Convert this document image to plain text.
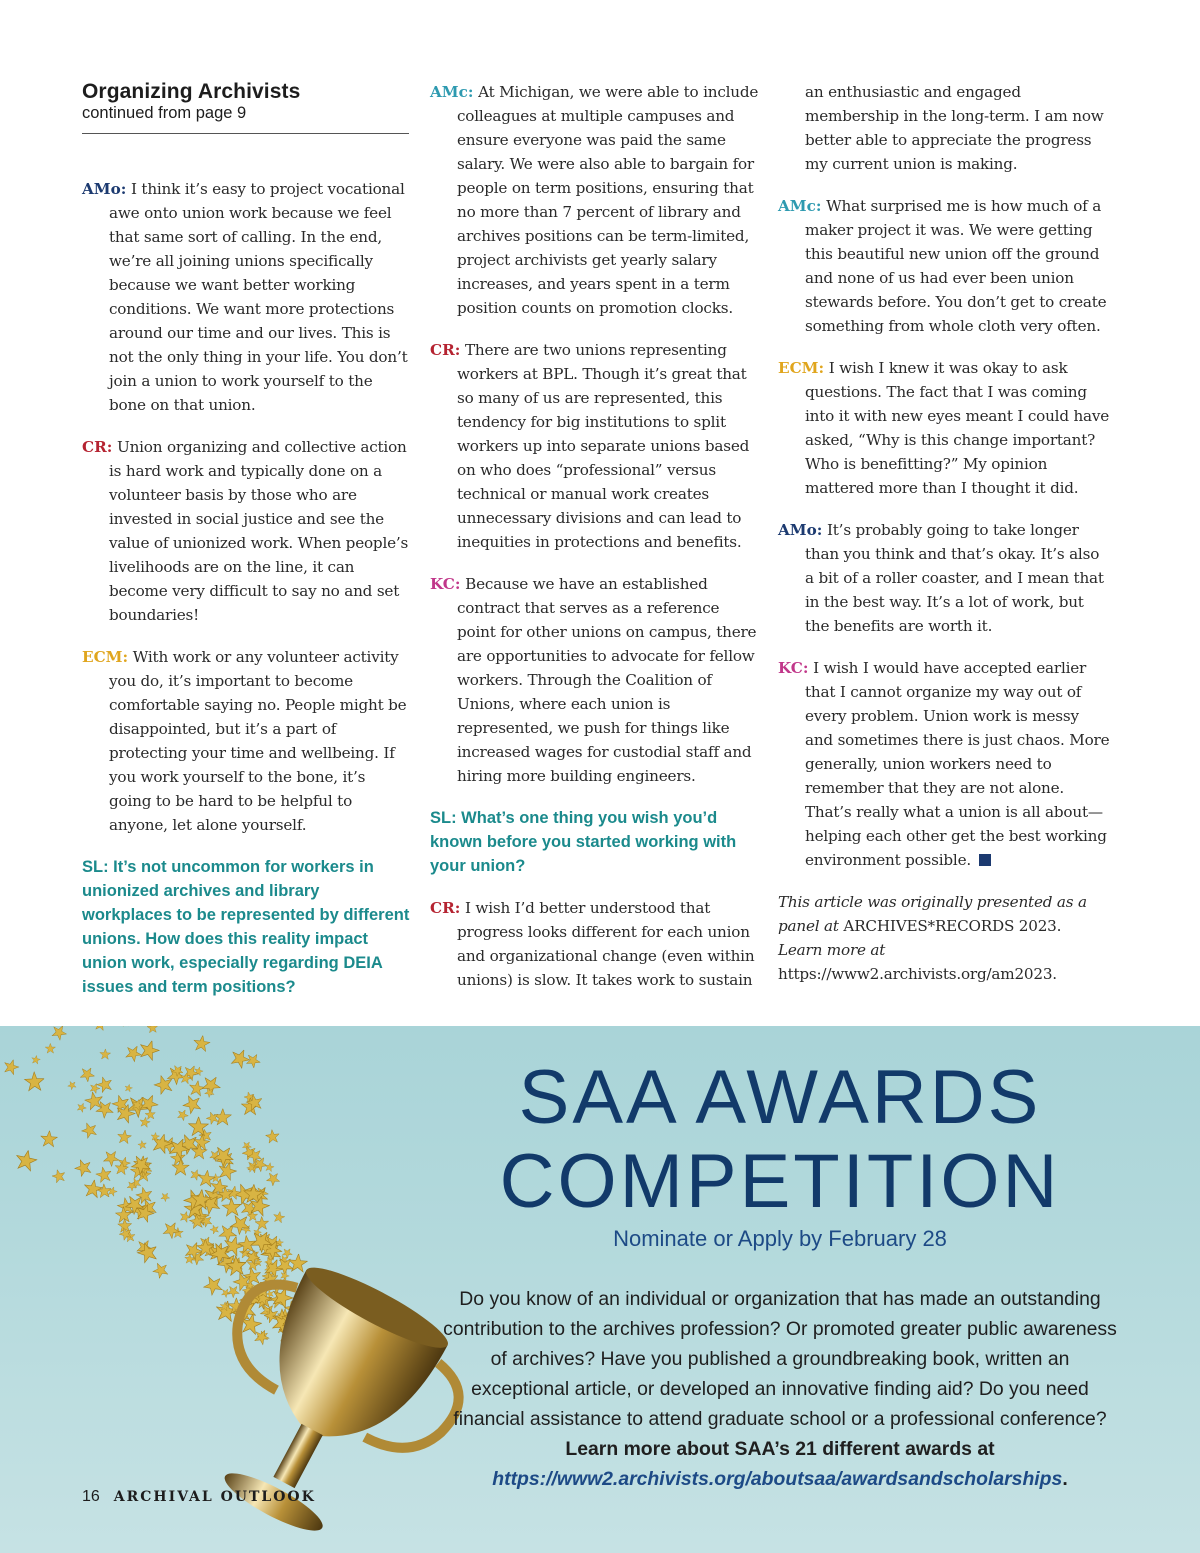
Organizing Archivists
continued from page 9

AMo: I think it’s easy to project vocational awe onto union work because we feel that same sort of calling. In the end, we’re all joining unions specifically because we want better working conditions. We want more protections around our time and our lives. This is not the only thing in your life. You don’t join a union to work yourself to the bone on that union.

CR: Union organizing and collective action is hard work and typically done on a volunteer basis by those who are invested in social justice and see the value of unionized work. When people’s livelihoods are on the line, it can become very difficult to say no and set boundaries!

ECM: With work or any volunteer activity you do, it’s important to become comfortable saying no. People might be disappointed, but it’s a part of protecting your time and wellbeing. If you work yourself to the bone, it’s going to be hard to be helpful to anyone, let alone yourself.

SL: It’s not uncommon for workers in unionized archives and library workplaces to be represented by different unions. How does this reality impact union work, especially regarding DEIA issues and term positions?

AMc: At Michigan, we were able to include colleagues at multiple campuses and ensure everyone was paid the same salary. We were also able to bargain for people on term positions, ensuring that no more than 7 percent of library and archives positions can be term-limited, project archivists get yearly salary increases, and years spent in a term position counts on promotion clocks.

CR: There are two unions representing workers at BPL. Though it’s great that so many of us are represented, this tendency for big institutions to split workers up into separate unions based on who does “professional” versus technical or manual work creates unnecessary divisions and can lead to inequities in protections and benefits.

KC: Because we have an established contract that serves as a reference point for other unions on campus, there are opportunities to advocate for fellow workers. Through the Coalition of Unions, where each union is represented, we push for things like increased wages for custodial staff and hiring more building engineers.

SL: What’s one thing you wish you’d known before you started working with your union?

CR: I wish I’d better understood that progress looks different for each union and organizational change (even within unions) is slow. It takes work to sustain

an enthusiastic and engaged membership in the long-term. I am now better able to appreciate the progress my current union is making.

AMc: What surprised me is how much of a maker project it was. We were getting this beautiful new union off the ground and none of us had ever been union stewards before. You don’t get to create something from whole cloth very often.

ECM: I wish I knew it was okay to ask questions. The fact that I was coming into it with new eyes meant I could have asked, “Why is this change important? Who is benefitting?” My opinion mattered more than I thought it did.

AMo: It’s probably going to take longer than you think and that’s okay. It’s also a bit of a roller coaster, and I mean that in the best way. It’s a lot of work, but the benefits are worth it.

KC: I wish I would have accepted earlier that I cannot organize my way out of every problem. Union work is messy and sometimes there is just chaos. More generally, union workers need to remember that they are not alone. That’s really what a union is all about—helping each other get the best working environment possible.

This article was originally presented as a panel at ARCHIVES*RECORDS 2023. Learn more at https://www2.archivists.org/am2023.

SAA AWARDS
COMPETITION
Nominate or Apply by February 28
Do you know of an individual or organization that has made an outstanding contribution to the archives profession? Or promoted greater public awareness of archives? Have you published a groundbreaking book, written an exceptional article, or developed an innovative finding aid? Do you need financial assistance to attend graduate school or a professional conference? Learn more about SAA’s 21 different awards at
https://www2.archivists.org/aboutsaa/awardsandscholarships.
16 ARCHIVAL OUTLOOK
